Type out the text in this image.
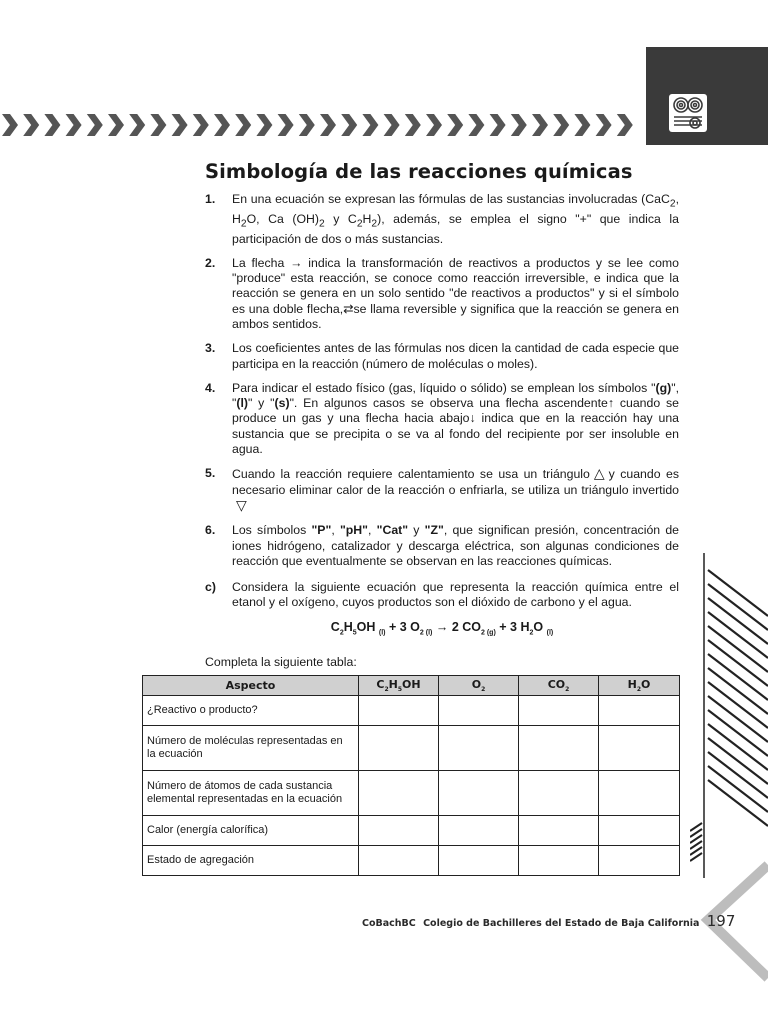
Simbología de las reacciones químicas
1. En una ecuación se expresan las fórmulas de las sustancias involucradas (CaC$_2$, $H_2O$, Ca $(OH)_2$ y $C_2H_2$), además, se emplea el signo "+" que indica la participación de dos o más sustancias.
2. La flecha → indica la transformación de reactivos a productos y se lee como "produce" esta reacción, se conoce como reacción irreversible, e indica que la reacción se genera en un solo sentido "de reactivos a productos" y si el símbolo es una doble flecha,⇄se llama reversible y significa que la reacción se genera en ambos sentidos.
3. Los coeficientes antes de las fórmulas nos dicen la cantidad de cada especie que participa en la reacción (número de moléculas o moles).
4. Para indicar el estado físico (gas, líquido o sólido) se emplean los símbolos "(g)", "(l)" y "(s)". En algunos casos se observa una flecha ascendente↑ cuando se produce un gas y una flecha hacia abajo↓ indica que en la reacción hay una sustancia que se precipita o se va al fondo del recipiente por ser insoluble en agua.
5. Cuando la reacción requiere calentamiento se usa un triángulo △ y cuando es necesario eliminar calor de la reacción o enfriarla, se utiliza un triángulo invertido▽
6. Los símbolos "P", "pH", "Cat" y "Z", que significan presión, concentración de iones hidrógeno, catalizador y descarga eléctrica, son algunas condiciones de reacción que eventualmente se observan en las reacciones químicas.
c) Considera la siguiente ecuación que representa la reacción química entre el etanol y el oxígeno, cuyos productos son el dióxido de carbono y el agua.
$C_2H_5OH$ $_{(l)}$ + 3 $O_2$ $_{(l)}$ → 2 $CO_{2 (g)} + 3$ $H_2O$ $_{(l)}$
Completa la siguiente tabla:
Aspecto	$C_2H_5OH$	$O_2$	$CO_2$	$H_2O$
¿Reactivo o producto?				
Número de moléculas representadas en la ecuación				
Número de átomos de cada sustancia elemental representadas en la ecuación				
Calor (energía calorífica)				
Estado de agregación				
CoBachBC Colegio de Bachilleres del Estado de Baja California 197
